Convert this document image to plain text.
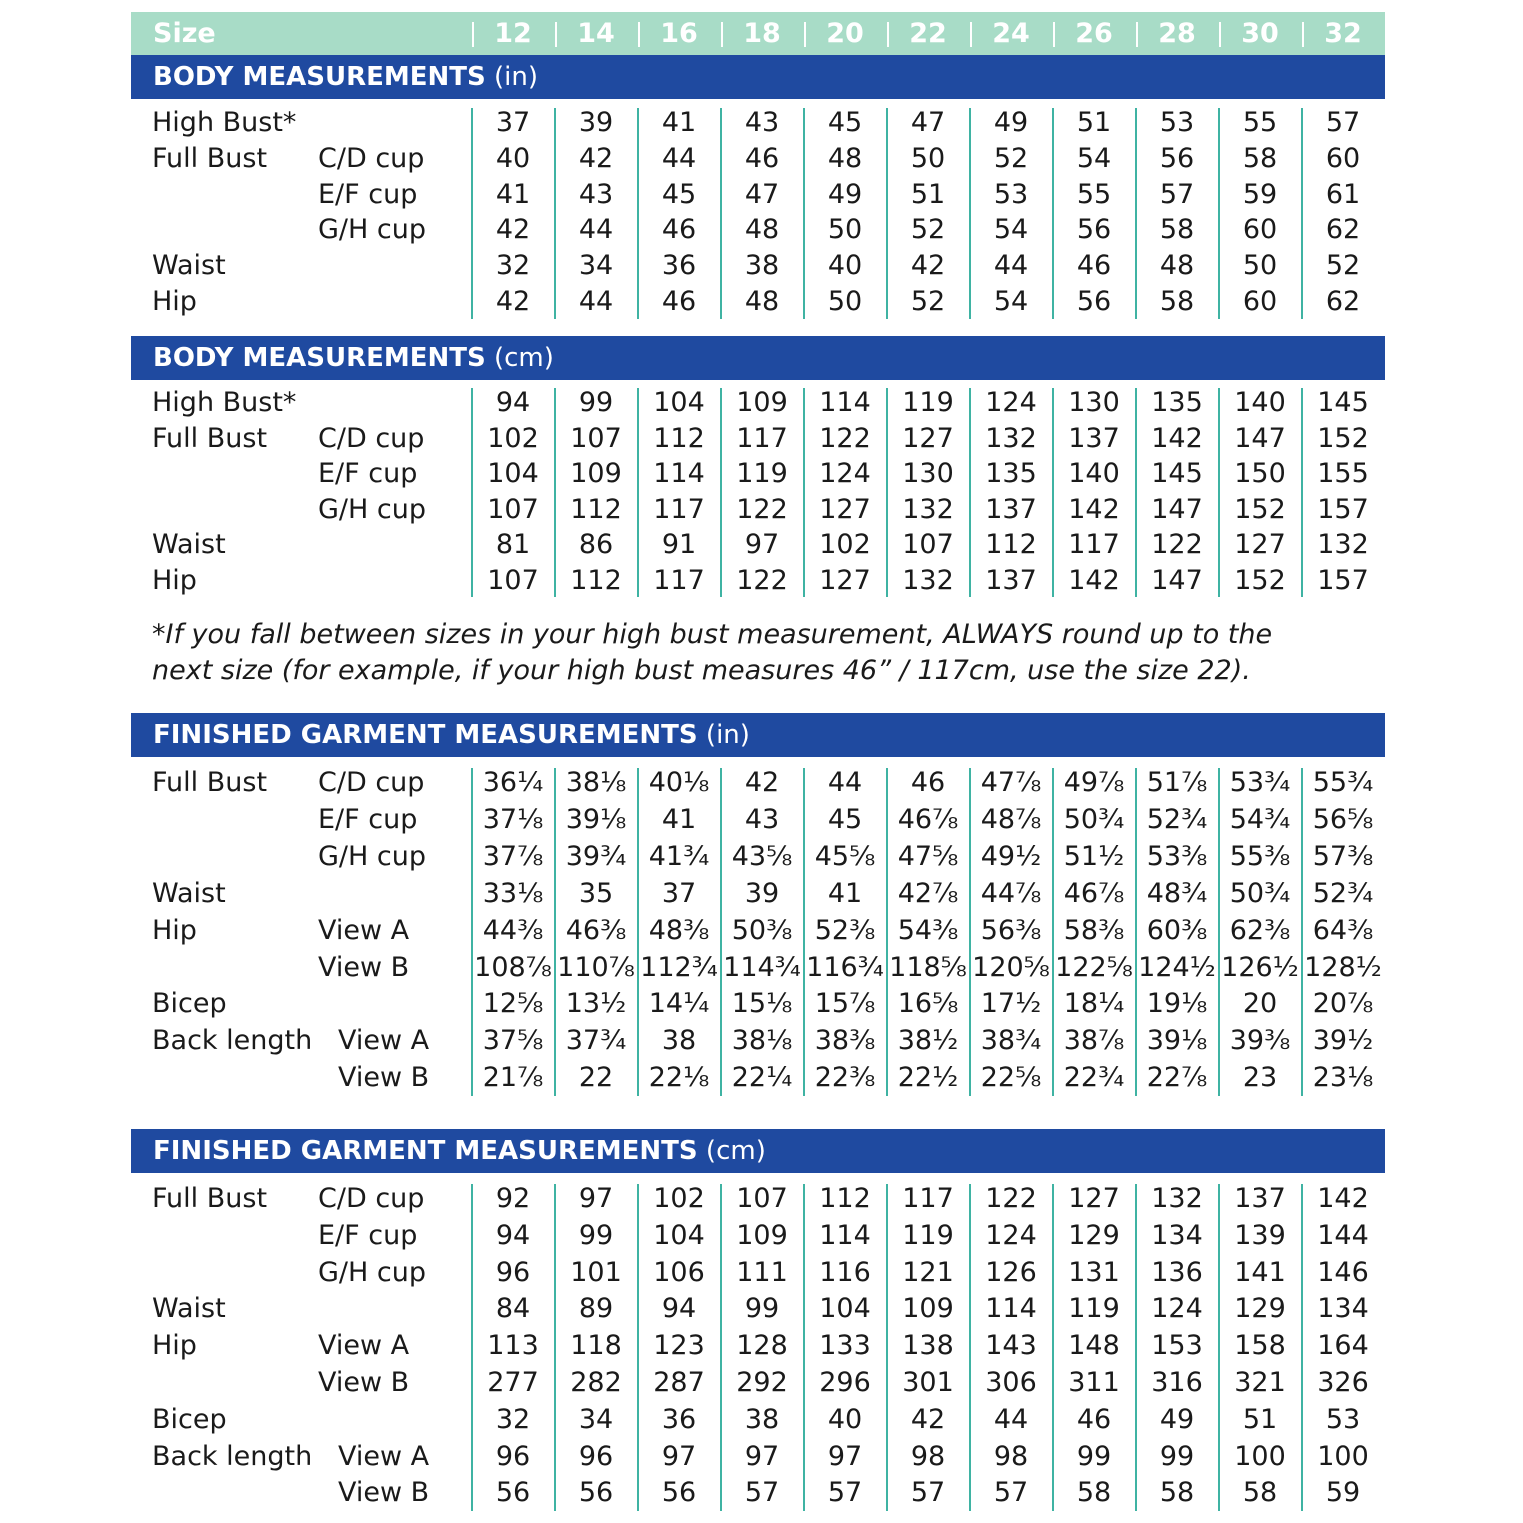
Size	12	14	16	18	20	22	24	26	28	30	32
*If you fall between sizes in your high bust measurement, ALWAYS round up to the
next size (for example, if your high bust measures 46” / 117cm, use the size 22).
BODY MEASUREMENTS (in)
High Bust*	37	39	41	43	45	47	49	51	53	55	57
Full Bust C/D cup	40	42	44	46	48	50	52	54	56	58	60
E/F cup	41	43	45	47	49	51	53	55	57	59	61
G/H cup	42	44	46	48	50	52	54	56	58	60	62
Waist	32	34	36	38	40	42	44	46	48	50	52
Hip	42	44	46	48	50	52	54	56	58	60	62
BODY MEASUREMENTS (cm)
High Bust*	94	99	104	109	114	119	124	130	135	140	145
Full Bust C/D cup	102	107	112	117	122	127	132	137	142	147	152
E/F cup	104	109	114	119	124	130	135	140	145	150	155
G/H cup	107	112	117	122	127	132	137	142	147	152	157
Waist	81	86	91	97	102	107	112	117	122	127	132
Hip	107	112	117	122	127	132	137	142	147	152	157
FINISHED GARMENT MEASUREMENTS (in)
Full Bust C/D cup	36¼ 38⅛ 40⅛	42	44	46	47⅞ 49⅞ 51⅞ 53¾ 55¾
E/F cup	37⅛ 39⅛	41	43	45	46⅞ 48⅞ 50¾ 52¾ 54¾ 56⅝
G/H cup	37⅞ 39¾ 41¾ 43⅝ 45⅝ 47⅝ 49½ 51½ 53⅜ 55⅜ 57⅜
Waist	33⅛	35	37	39	41	42⅞ 44⅞ 46⅞ 48¾ 50¾ 52¾
Hip	View A	44⅜ 46⅜ 48⅜ 50⅜ 52⅜ 54⅜ 56⅜ 58⅜ 60⅜ 62⅜ 64⅜
View B 108⅞ 110⅞ 112¾ 114¾ 116¾ 118⅝ 120⅝ 122⅝ 124½ 126½ 128½
Bicep	12⅝ 13½ 14¼ 15⅛ 15⅞ 16⅝ 17½ 18¼ 19⅛	20	20⅞
Back length View A	37⅝ 37¾	38	38⅛ 38⅜ 38½ 38¾ 38⅞ 39⅛ 39⅜ 39½
View B	21⅞	22	22⅛ 22¼ 22⅜ 22½ 22⅝ 22¾ 22⅞	23	23⅛
FINISHED GARMENT MEASUREMENTS (cm)
Full Bust C/D cup	92	97	102	107	112	117	122	127	132	137	142
E/F cup	94	99	104	109	114	119	124	129	134	139	144
G/H cup	96	101	106	111	116	121	126	131	136	141	146
Waist	84	89	94	99	104	109	114	119	124	129	134
Hip	View A	113	118	123	128	133	138	143	148	153	158	164
View B	277	282	287	292	296	301	306	311	316	321	326
Bicep	32	34	36	38	40	42	44	46	49	51	53
Back length View A	96	96	97	97	97	98	98	99	99	100	100
View B	56	56	56	57	57	57	57	58	58	58	59
